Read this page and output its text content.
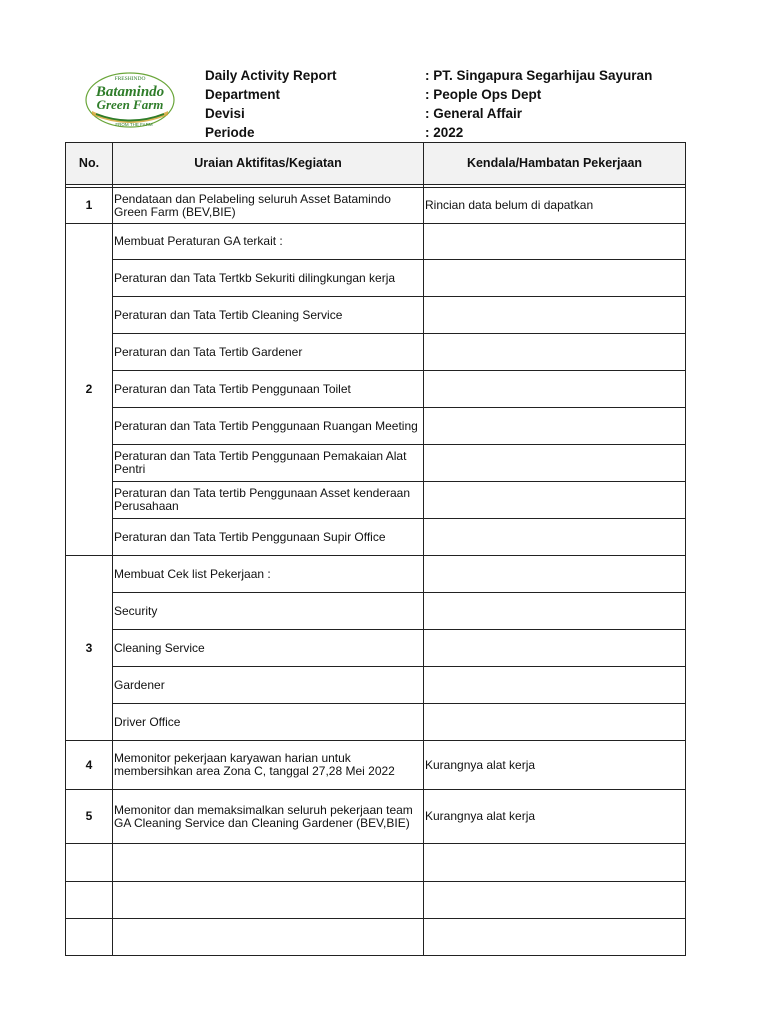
FRESHINDO
Batamindo
Green Farm
FROM THE FARM
Daily Activity Report	: PT. Singapura Segarhijau Sayuran
Department	: People Ops Dept
Devisi	: General Affair
Periode	: 2022
No.	Uraian Aktifitas/Kegiatan	Kendala/Hambatan Pekerjaan

1	Pendataan dan Pelabeling seluruh Asset Batamindo Green Farm (BEV,BIE)	Rincian data belum di dapatkan
2	Membuat Peraturan GA terkait :	
	Peraturan dan Tata Tertkb Sekuriti dilingkungan kerja	
	Peraturan dan Tata Tertib Cleaning Service	
	Peraturan dan Tata Tertib Gardener	
	Peraturan dan Tata Tertib Penggunaan Toilet	
	Peraturan dan Tata Tertib Penggunaan Ruangan Meeting	
	Peraturan dan Tata Tertib Penggunaan Pemakaian Alat Pentri	
	Peraturan dan Tata tertib Penggunaan Asset kenderaan Perusahaan	
	Peraturan dan Tata Tertib Penggunaan Supir Office	
3	Membuat Cek list Pekerjaan :	
	Security	
	Cleaning Service	
	Gardener	
	Driver Office	
4	Memonitor pekerjaan karyawan harian untuk membersihkan area Zona C, tanggal 27,28 Mei 2022	Kurangnya alat kerja
5	Memonitor dan memaksimalkan seluruh pekerjaan team GA Cleaning Service dan Cleaning Gardener (BEV,BIE)	Kurangnya alat kerja
